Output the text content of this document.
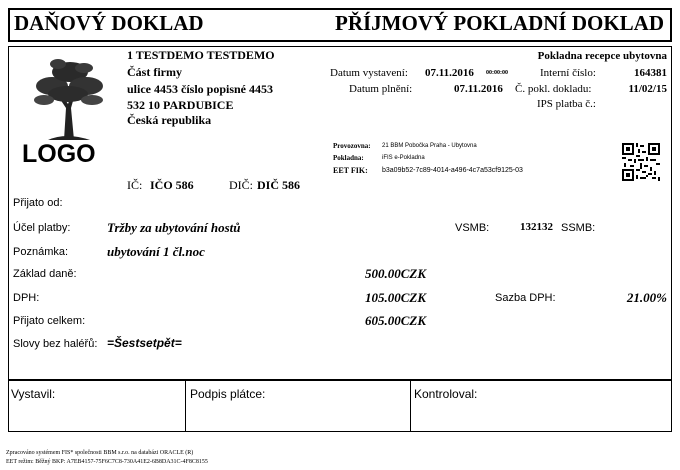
DAŇOVÝ DOKLAD	PŘÍJMOVÝ POKLADNÍ DOKLAD
LOGO
1 TESTDEMO TESTDEMO
Část firmy
ulice 4453 číslo popisné 4453
532 10 PARDUBICE
Česká republika
IČ: IČO 586	DIČ: DIČ 586
Pokladna recepce ubytovna
Datum vystavení: 07.11.2016 00:00:00	Interní číslo:	164381
Datum plnění:	07.11.2016 Č. pokl. dokladu:	11/02/15
IPS platba č.:
Provozovna: 21 BBM Pobočka Praha - Ubytovna
Pokladna:	iFIS e-Pokladna
EET FIK: b3a09b52-7c89-4014-a496-4c7a53cf9125-03
Přijato od:
Účel platby:	Tržby za ubytování hostů	VSMB:	132132 SSMB:
Poznámka:	ubytování 1 čl.noc
Základ daně:	500.00CZK
DPH:	105.00CZK	Sazba DPH:	21.00%
Přijato celkem:	605.00CZK
Slovy bez haléřů: =Šestsetpět=
Vystavil:	Podpis plátce:	Kontroloval:
Zpracováno systémem FIS* společnosti BBM s.r.o. na databázi ORACLE (R)
EET režim: Běžný BKP: A7EB4157-75F6C7C8-730A41E2-6B8DA31C-4F8C8155
